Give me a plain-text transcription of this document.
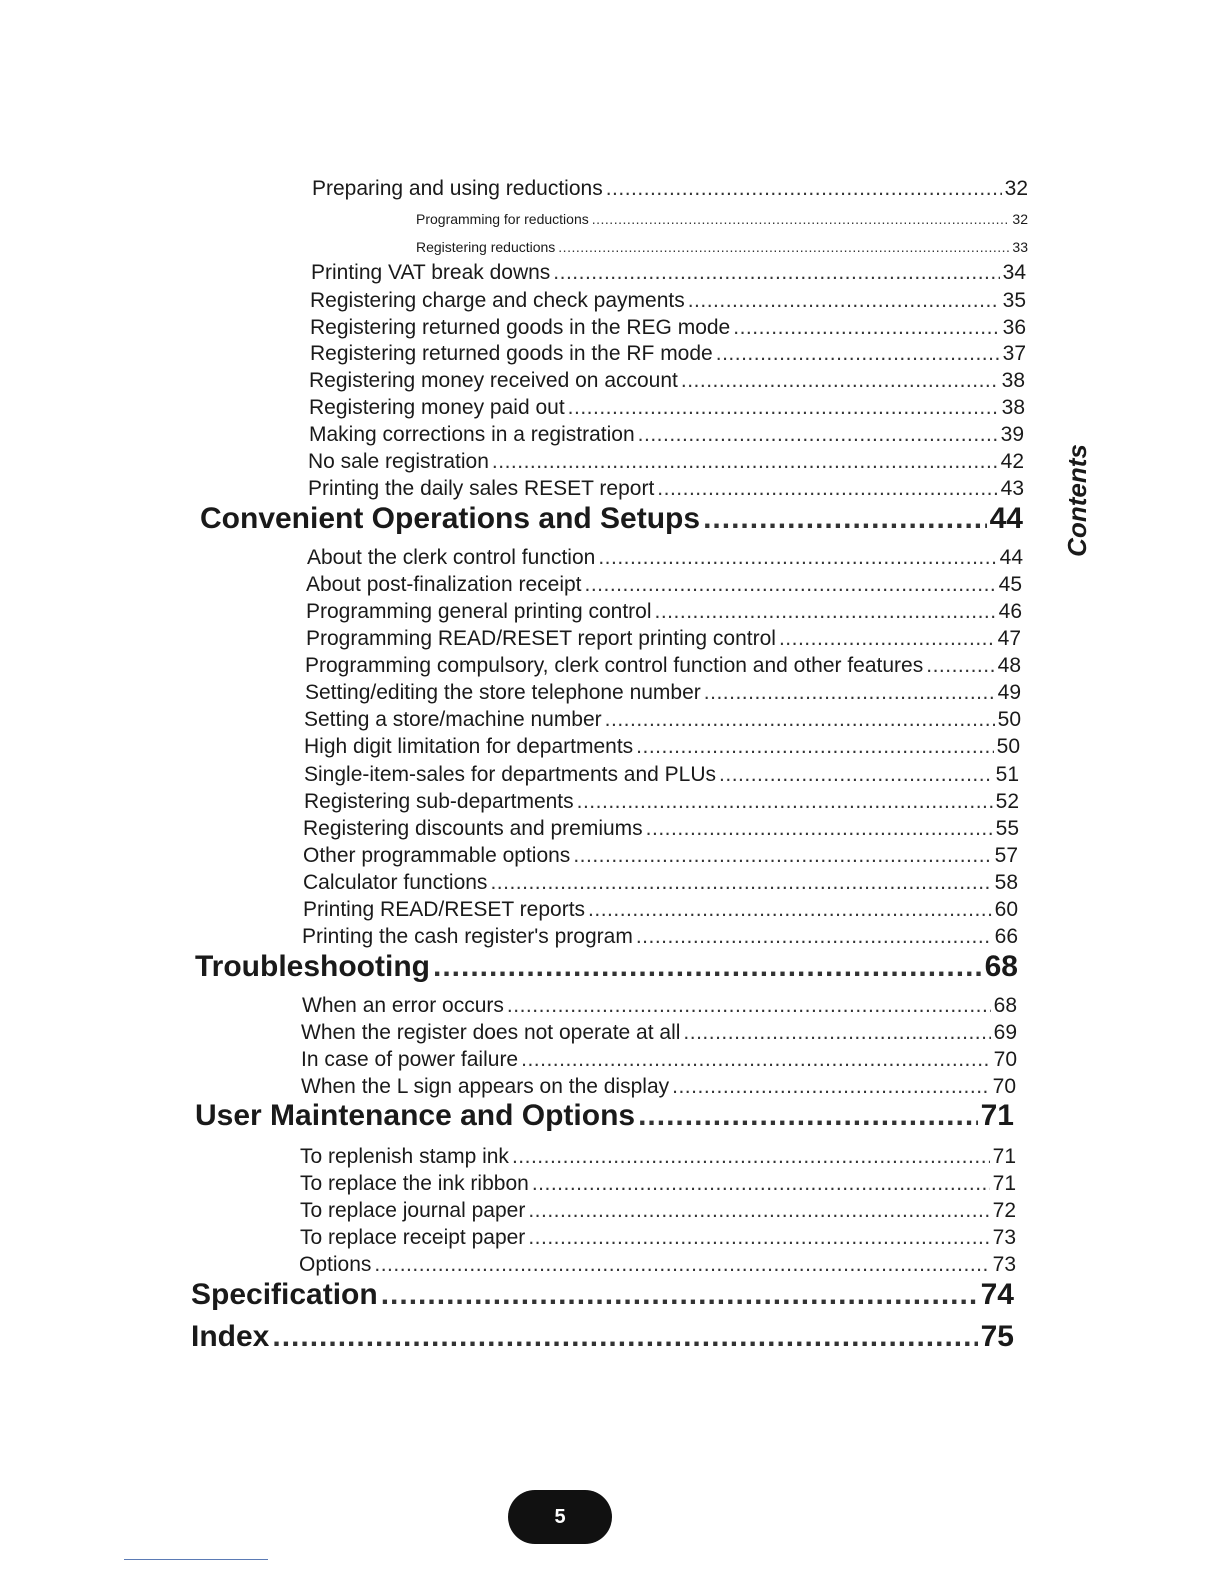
Preparing and using reductions .....	32
Programming for reductions .....	32
Registering reductions .....	33
Printing VAT break downs .....	34
Registering charge and check payments .....	35
Registering returned goods in the REG mode .....	36
Registering returned goods in the RF mode .....	37
Registering money received on account .....	38
Registering money paid out .....	38
Making corrections in a registration .....	39
No sale registration .....	42
Printing the daily sales RESET report .....	43
Convenient Operations and Setups .....	44
About the clerk control function .....	44
About post-finalization receipt .....	45
Programming general printing control .....	46
Programming READ/RESET report printing control .....	47
Programming compulsory, clerk control function and other features .....	48
Setting/editing the store telephone number .....	49
Setting a store/machine number .....	50
High digit limitation for departments .....	50
Single-item-sales for departments and PLUs .....	51
Registering sub-departments .....	52
Registering discounts and premiums .....	55
Other programmable options .....	57
Calculator functions .....	58
Printing READ/RESET reports .....	60
Printing the cash register's program .....	66
Troubleshooting .....	68
When an error occurs .....	68
When the register does not operate at all .....	69
In case of power failure .....	70
When the L sign appears on the display .....	70
User Maintenance and Options .....	71
To replenish stamp ink .....	71
To replace the ink ribbon .....	71
To replace journal paper .....	72
To replace receipt paper .....	73
Options .....	73
Specification .....	74
Index .....	75
Contents
5
